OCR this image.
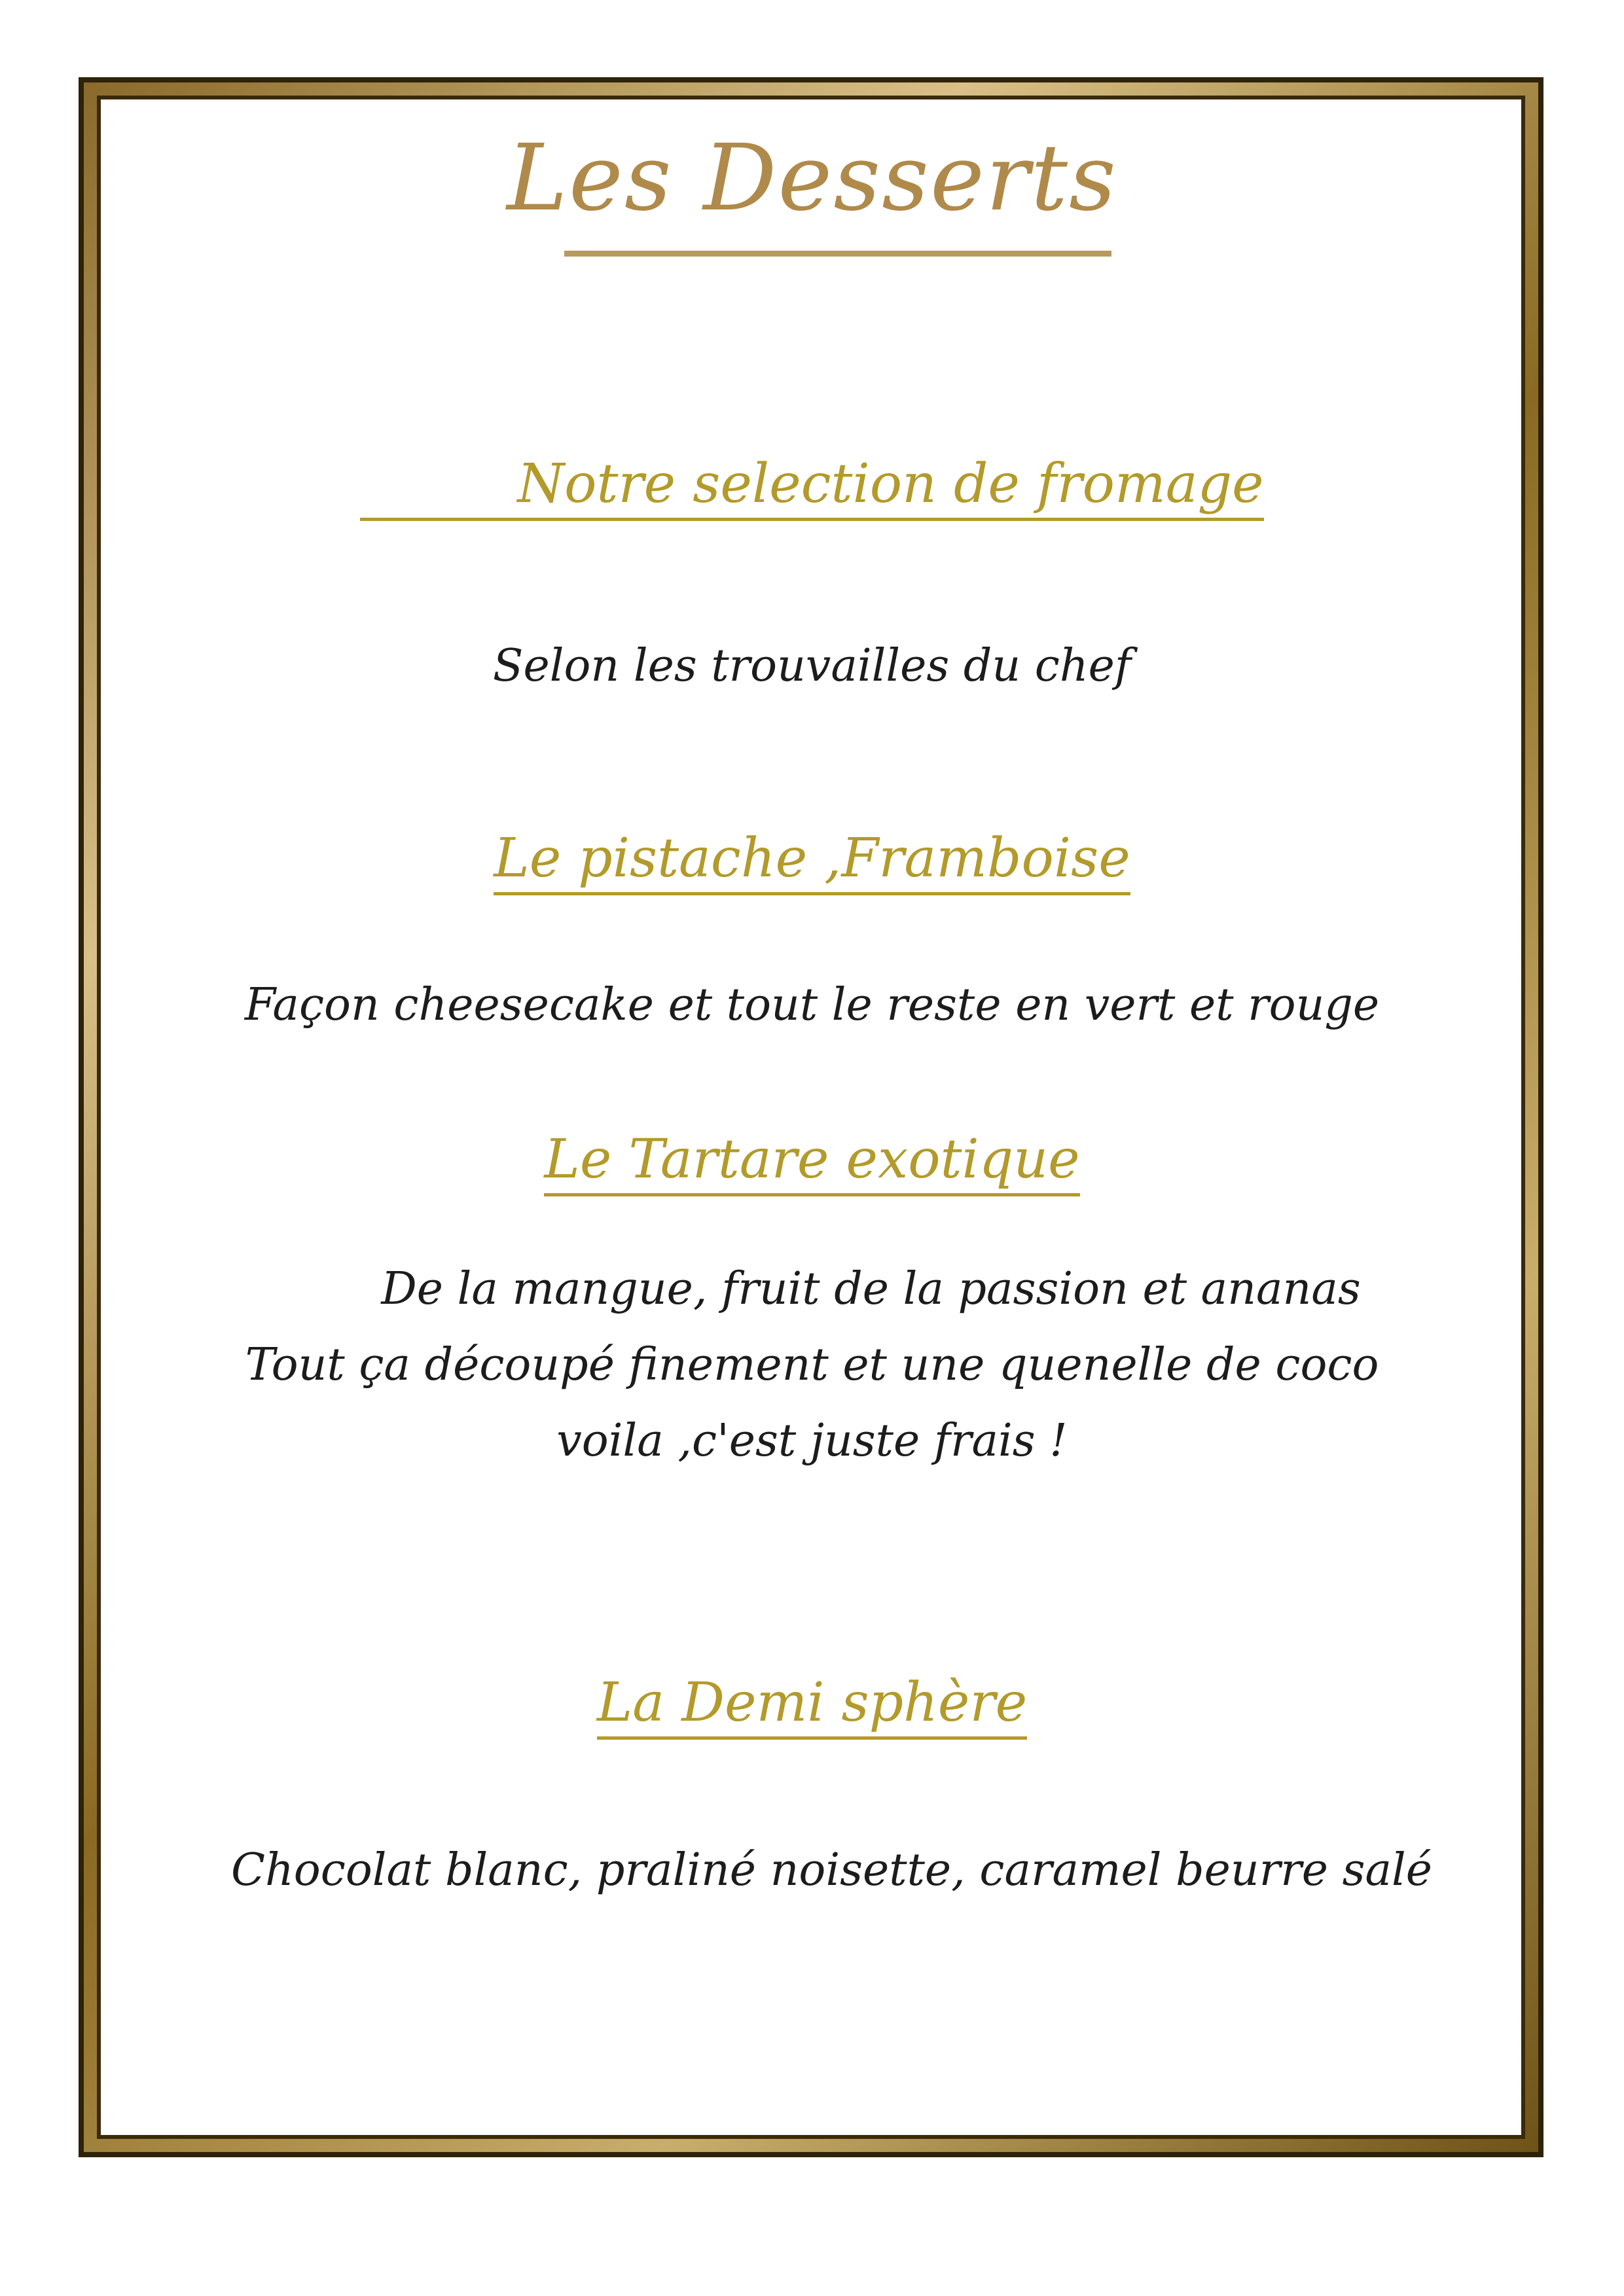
Les Desserts
Notre selection de fromage

Selon les trouvailles du chef

Le pistache ,Framboise

Façon cheesecake et tout le reste en vert et rouge

Le Tartare exotique

De la mangue, fruit de la passion et ananas
Tout ça découpé finement et une quenelle de coco
voila ,c'est juste frais !

La Demi sphère

Chocolat blanc, praliné noisette, caramel beurre salé
